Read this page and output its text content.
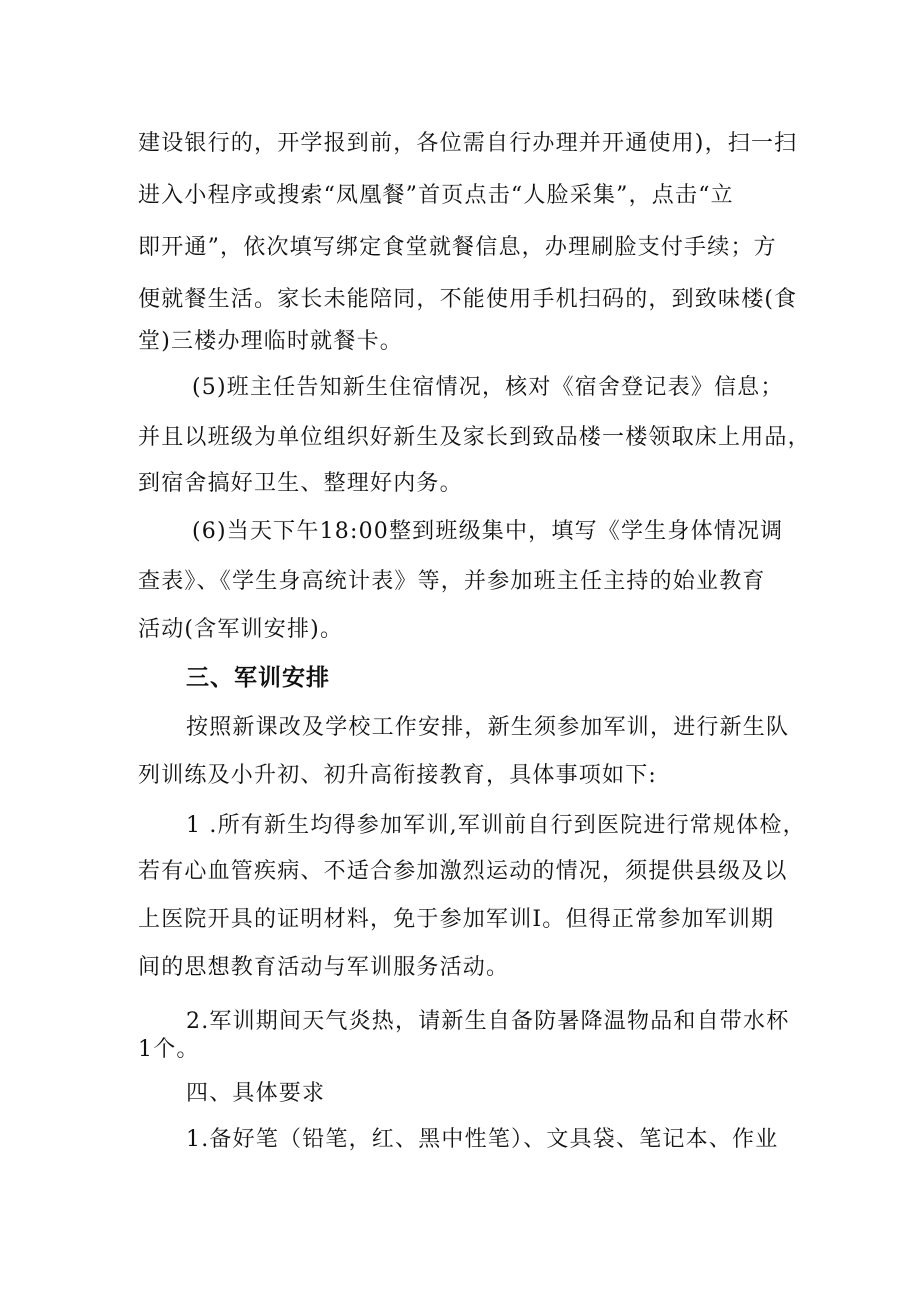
建设银行的，开学报到前，各位需自行办理并开通使用)，扫一扫
进入小程序或搜索“凤凰餐”首页点击“人脸采集”，点击“立
即开通”，依次填写绑定食堂就餐信息，办理刷脸支付手续；方
便就餐生活。家长未能陪同，不能使用手机扫码的，到致味楼(食
堂)三楼办理临时就餐卡。
(5)班主任告知新生住宿情况，核对《宿舍登记表》信息；
并且以班级为单位组织好新生及家长到致品楼一楼领取床上用品，
到宿舍搞好卫生、整理好内务。
(6)当天下午18:00整到班级集中，填写《学生身体情况调
查表》、《学生身高统计表》等，并参加班主任主持的始业教育
活动(含军训安排)。
三、军训安排
按照新课改及学校工作安排，新生须参加军训，进行新生队
列训练及小升初、初升高衔接教育，具体事项如下:
1 .所有新生均得参加军训,军训前自行到医院进行常规体检，
若有心血管疾病、不适合参加激烈运动的情况，须提供县级及以
上医院开具的证明材料，免于参加军训I。但得正常参加军训期
间的思想教育活动与军训服务活动。
2.军训期间天气炎热，请新生自备防暑降温物品和自带水杯
1个。
四、具体要求
1.备好笔（铅笔，红、黑中性笔）、文具袋、笔记本、作业
